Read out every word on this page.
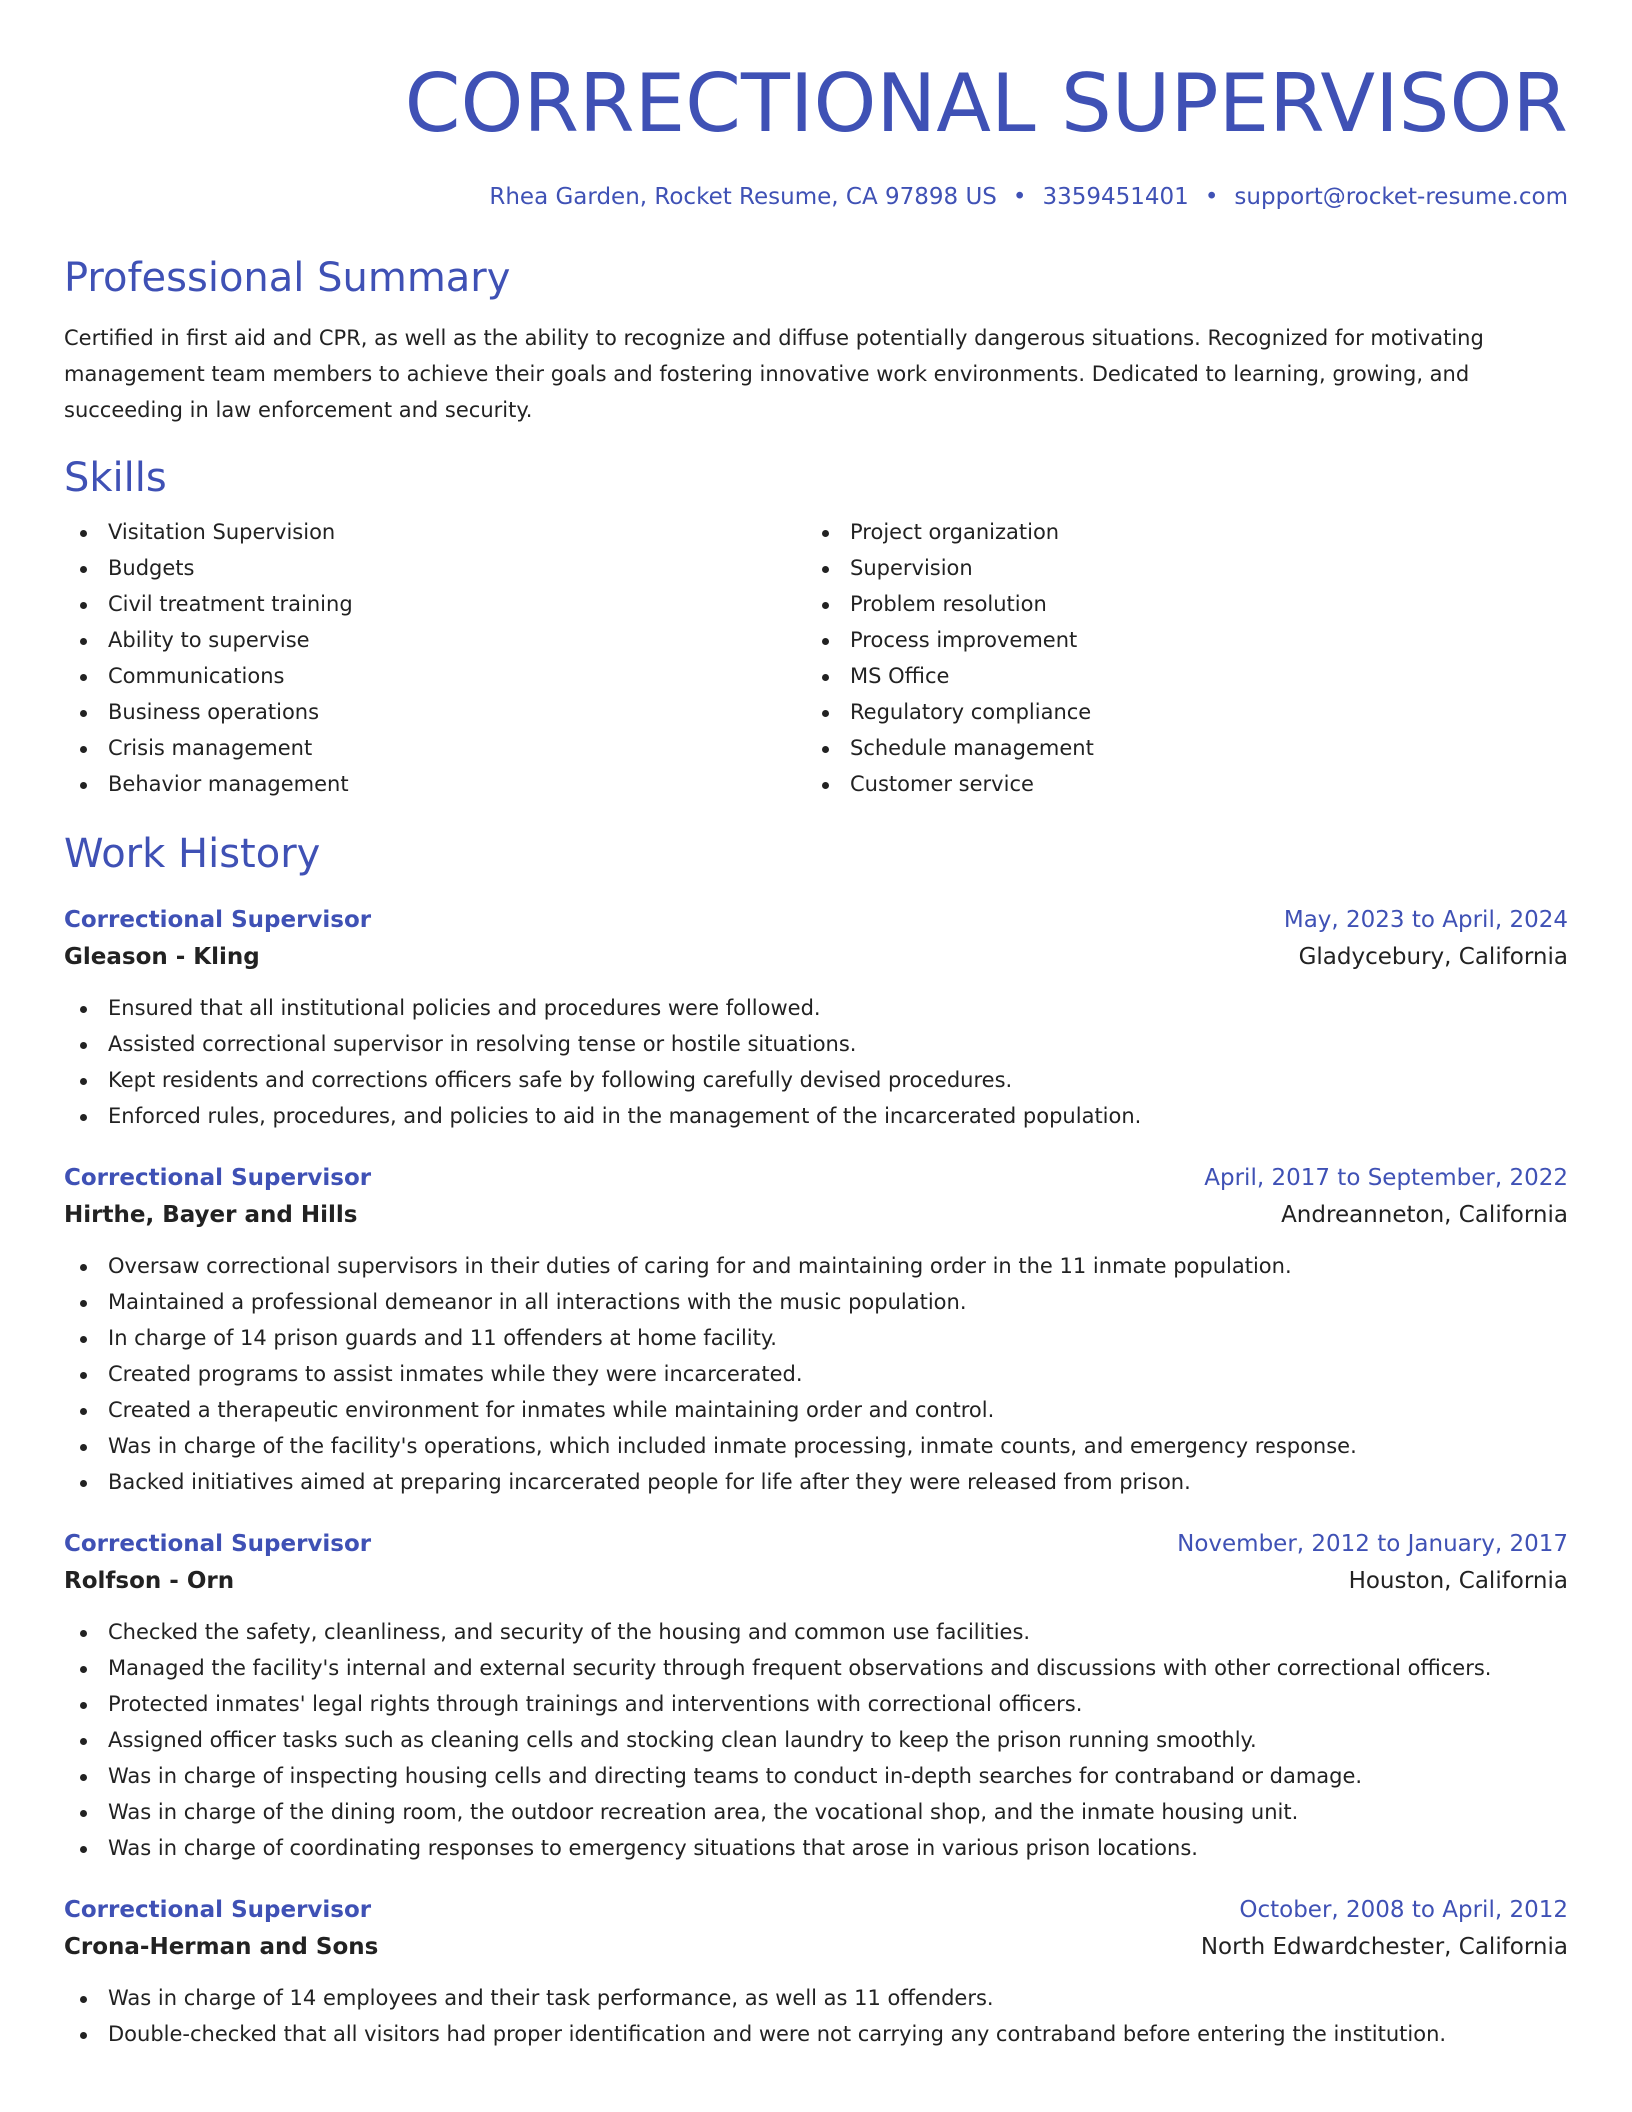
CORRECTIONAL SUPERVISOR
Rhea Garden, Rocket Resume, CA 97898 US • 3359451401 • support@rocket-resume.com
Professional Summary
Certified in first aid and CPR, as well as the ability to recognize and diffuse potentially dangerous situations. Recognized for motivating management team members to achieve their goals and fostering innovative work environments. Dedicated to learning, growing, and succeeding in law enforcement and security.
Skills
Visitation Supervision
Budgets
Civil treatment training
Ability to supervise
Communications
Business operations
Crisis management
Behavior management
Project organization
Supervision
Problem resolution
Process improvement
MS Office
Regulatory compliance
Schedule management
Customer service
Work History
Correctional Supervisor	May, 2023 to April, 2024
Gleason - Kling	Gladycebury, California
Ensured that all institutional policies and procedures were followed.
Assisted correctional supervisor in resolving tense or hostile situations.
Kept residents and corrections officers safe by following carefully devised procedures.
Enforced rules, procedures, and policies to aid in the management of the incarcerated population.
Correctional Supervisor	April, 2017 to September, 2022
Hirthe, Bayer and Hills	Andreanneton, California
Oversaw correctional supervisors in their duties of caring for and maintaining order in the 11 inmate population.
Maintained a professional demeanor in all interactions with the music population.
In charge of 14 prison guards and 11 offenders at home facility.
Created programs to assist inmates while they were incarcerated.
Created a therapeutic environment for inmates while maintaining order and control.
Was in charge of the facility's operations, which included inmate processing, inmate counts, and emergency response.
Backed initiatives aimed at preparing incarcerated people for life after they were released from prison.
Correctional Supervisor	November, 2012 to January, 2017
Rolfson - Orn	Houston, California
Checked the safety, cleanliness, and security of the housing and common use facilities.
Managed the facility's internal and external security through frequent observations and discussions with other correctional officers.
Protected inmates' legal rights through trainings and interventions with correctional officers.
Assigned officer tasks such as cleaning cells and stocking clean laundry to keep the prison running smoothly.
Was in charge of inspecting housing cells and directing teams to conduct in-depth searches for contraband or damage.
Was in charge of the dining room, the outdoor recreation area, the vocational shop, and the inmate housing unit.
Was in charge of coordinating responses to emergency situations that arose in various prison locations.
Correctional Supervisor	October, 2008 to April, 2012
Crona-Herman and Sons	North Edwardchester, California
Was in charge of 14 employees and their task performance, as well as 11 offenders.
Double-checked that all visitors had proper identification and were not carrying any contraband before entering the institution.
